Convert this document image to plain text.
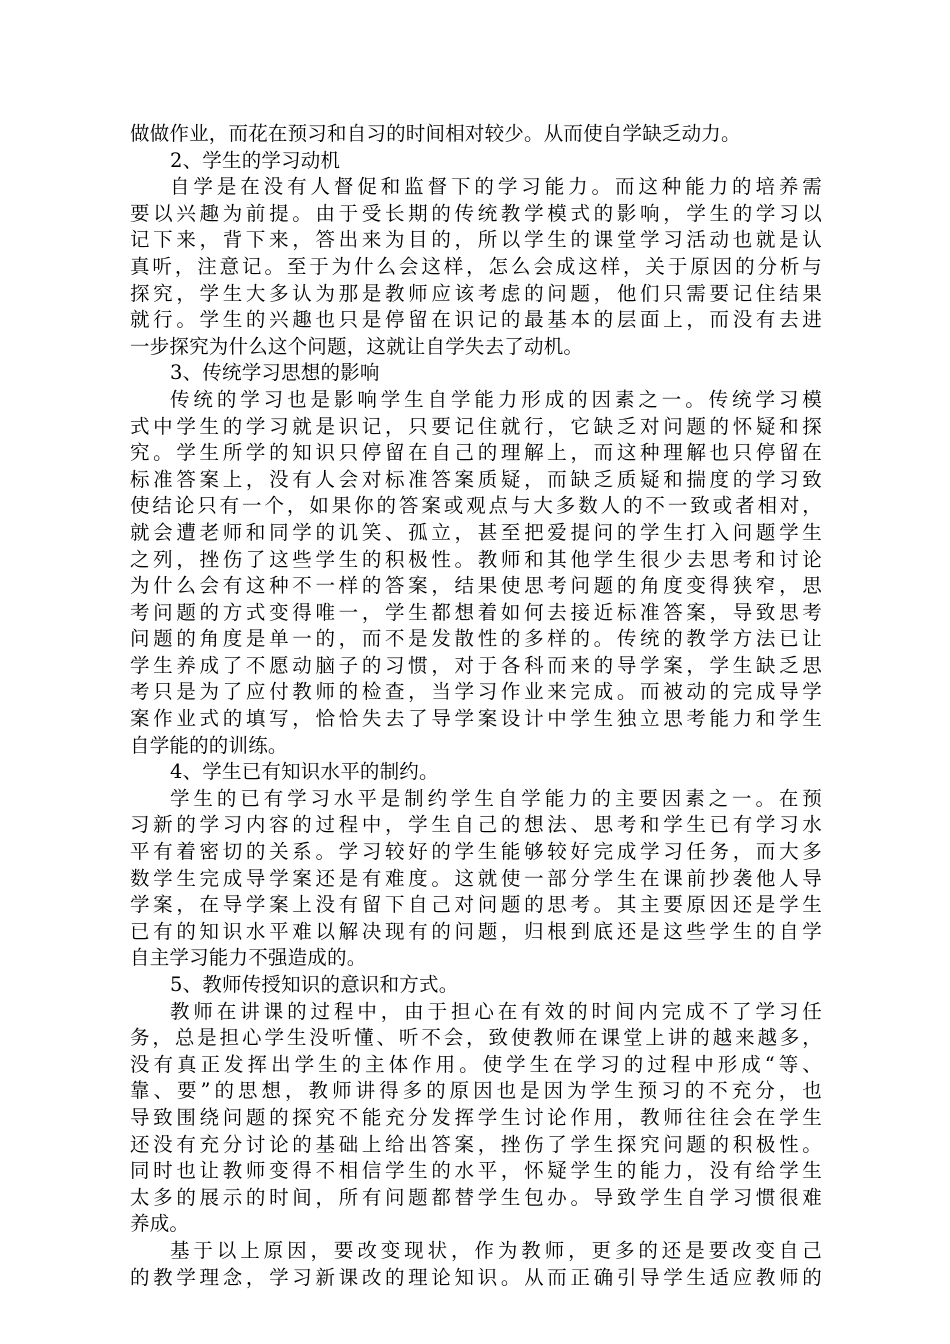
做做作业，而花在预习和自习的时间相对较少。从而使自学缺乏动力。
2、学生的学习动机
自学是在没有人督促和监督下的学习能力。而这种能力的培养需
要以兴趣为前提。由于受长期的传统教学模式的影响，学生的学习以
记下来，背下来，答出来为目的，所以学生的课堂学习活动也就是认
真听，注意记。至于为什么会这样，怎么会成这样，关于原因的分析与
探究，学生大多认为那是教师应该考虑的问题，他们只需要记住结果
就行。学生的兴趣也只是停留在识记的最基本的层面上，而没有去进
一步探究为什么这个问题，这就让自学失去了动机。
3、传统学习思想的影响
传统的学习也是影响学生自学能力形成的因素之一。传统学习模
式中学生的学习就是识记，只要记住就行，它缺乏对问题的怀疑和探
究。学生所学的知识只停留在自己的理解上，而这种理解也只停留在
标准答案上，没有人会对标准答案质疑，而缺乏质疑和揣度的学习致
使结论只有一个，如果你的答案或观点与大多数人的不一致或者相对，
就会遭老师和同学的讥笑、孤立，甚至把爱提问的学生打入问题学生
之列，挫伤了这些学生的积极性。教师和其他学生很少去思考和讨论
为什么会有这种不一样的答案，结果使思考问题的角度变得狭窄，思
考问题的方式变得唯一，学生都想着如何去接近标准答案，导致思考
问题的角度是单一的，而不是发散性的多样的。传统的教学方法已让
学生养成了不愿动脑子的习惯，对于各科而来的导学案，学生缺乏思
考只是为了应付教师的检查，当学习作业来完成。而被动的完成导学
案作业式的填写，恰恰失去了导学案设计中学生独立思考能力和学生
自学能的的训练。
4、学生已有知识水平的制约。
学生的已有学习水平是制约学生自学能力的主要因素之一。在预
习新的学习内容的过程中，学生自己的想法、思考和学生已有学习水
平有着密切的关系。学习较好的学生能够较好完成学习任务，而大多
数学生完成导学案还是有难度。这就使一部分学生在课前抄袭他人导
学案，在导学案上没有留下自己对问题的思考。其主要原因还是学生
已有的知识水平难以解决现有的问题，归根到底还是这些学生的自学
自主学习能力不强造成的。
5、教师传授知识的意识和方式。
教师在讲课的过程中，由于担心在有效的时间内完成不了学习任
务，总是担心学生没听懂、听不会，致使教师在课堂上讲的越来越多，
没有真正发挥出学生的主体作用。使学生在学习的过程中形成“等、
靠、要”的思想，教师讲得多的原因也是因为学生预习的不充分，也
导致围绕问题的探究不能充分发挥学生讨论作用，教师往往会在学生
还没有充分讨论的基础上给出答案，挫伤了学生探究问题的积极性。
同时也让教师变得不相信学生的水平，怀疑学生的能力，没有给学生
太多的展示的时间，所有问题都替学生包办。导致学生自学习惯很难
养成。
基于以上原因，要改变现状，作为教师，更多的还是要改变自己
的教学理念，学习新课改的理论知识。从而正确引导学生适应教师的
